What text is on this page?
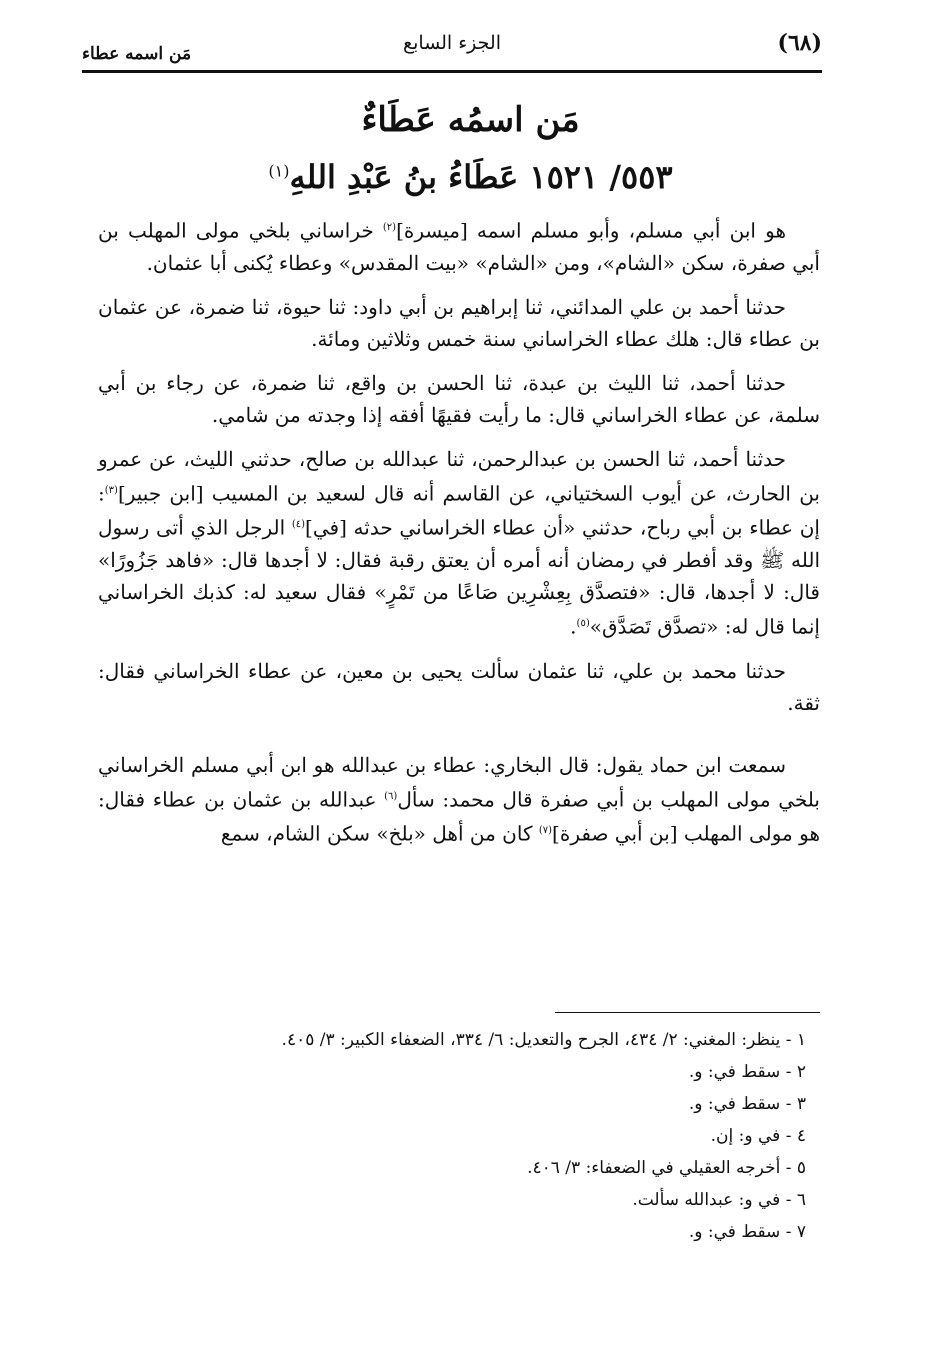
(٦٨)
الجزء السابع
مَن اسمه عطاء
مَن اسمُه عَطَاءٌ
٥٥٣/ ١٥٢١ عَطَاءُ بنُ عَبْدِ اللهِ$^{(١)}$

هو ابن أبي مسلم، وأبو مسلم اسمه [ميسرة]$^{(٢)}$ خراساني بلخي مولى المهلب بن أبي صفرة، سكن «الشام»، ومن «الشام» «بيت المقدس» وعطاء يُكنى أبا عثمان.

حدثنا أحمد بن علي المدائني، ثنا إبراهيم بن أبي داود: ثنا حيوة، ثنا ضمرة، عن عثمان بن عطاء قال: هلك عطاء الخراساني سنة خمس وثلاثين ومائة.

حدثنا أحمد، ثنا الليث بن عبدة، ثنا الحسن بن واقع، ثنا ضمرة، عن رجاء بن أبي سلمة، عن عطاء الخراساني قال: ما رأيت فقيهًا أفقه إذا وجدته من شامي.

حدثنا أحمد، ثنا الحسن بن عبدالرحمن، ثنا عبدالله بن صالح، حدثني الليث، عن عمرو بن الحارث، عن أيوب السختياني، عن القاسم أنه قال لسعيد بن المسيب [ابن جبير]$^{(٣)}$: إن عطاء بن أبي رباح، حدثني «أن عطاء الخراساني حدثه [في]$^{(٤)}$ الرجل الذي أتى رسول الله ﷺ وقد أفطر في رمضان أنه أمره أن يعتق رقبة فقال: لا أجدها قال: «فاهد جَزُورًا» قال: لا أجدها، قال: «فتصدَّق بِعِشْرِين صَاعًا من تَمْرٍ» فقال سعيد له: كذبك الخراساني إنما قال له: «تصدَّق تَصَدَّق»$^{(٥)}$.

حدثنا محمد بن علي، ثنا عثمان سألت يحيى بن معين، عن عطاء الخراساني فقال: ثقة.

سمعت ابن حماد يقول: قال البخاري: عطاء بن عبدالله هو ابن أبي مسلم الخراساني بلخي مولى المهلب بن أبي صفرة قال محمد: سأل$^{(٦)}$ عبدالله بن عثمان بن عطاء فقال: هو مولى المهلب [بن أبي صفرة]$^{(٧)}$ كان من أهل «بلخ» سكن الشام، سمع

١ - ينظر: المغني: ٢/ ٤٣٤، الجرح والتعديل: ٦/ ٣٣٤، الضعفاء الكبير: ٣/ ٤٠٥.

٢ - سقط في: و.

٣ - سقط في: و.

٤ - في و: إن.

٥ - أخرجه العقيلي في الضعفاء: ٣/ ٤٠٦.

٦ - في و: عبدالله سألت.

٧ - سقط في: و.
